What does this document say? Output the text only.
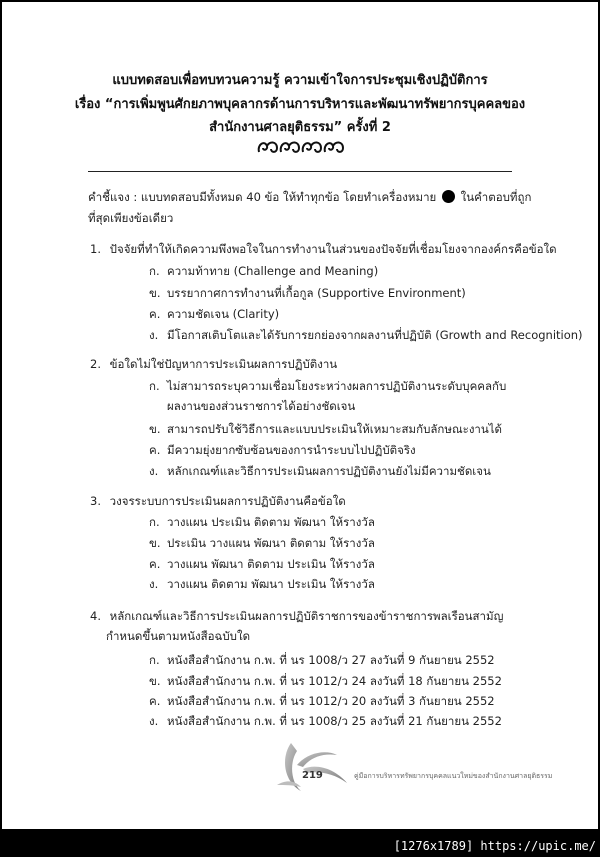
แบบทดสอบเพื่อทบทวนความรู้ ความเข้าใจการประชุมเชิงปฏิบัติการ
เรื่อง “การเพิ่มพูนศักยภาพบุคลากรด้านการบริหารและพัฒนาทรัพยากรบุคคลของ
สำนักงานศาลยุติธรรม” ครั้งที่ 2
คำชี้แจง : แบบทดสอบมีทั้งหมด 40 ข้อ ให้ทำทุกข้อ โดยทำเครื่องหมาย ในคำตอบที่ถูก
ที่สุดเพียงข้อเดียว
1. ปัจจัยที่ทำให้เกิดความพึงพอใจในการทำงานในส่วนของปัจจัยที่เชื่อมโยงจากองค์กรคือข้อใด
ก. ความท้าทาย (Challenge and Meaning)
ข. บรรยากาศการทำงานที่เกื้อกูล (Supportive Environment)
ค. ความชัดเจน (Clarity)
ง. มีโอกาสเติบโตและได้รับการยกย่องจากผลงานที่ปฏิบัติ (Growth and Recognition)
2. ข้อใดไม่ใช่ปัญหาการประเมินผลการปฏิบัติงาน
ก. ไม่สามารถระบุความเชื่อมโยงระหว่างผลการปฏิบัติงานระดับบุคคลกับ
ผลงานของส่วนราชการได้อย่างชัดเจน
ข. สามารถปรับใช้วิธีการและแบบประเมินให้เหมาะสมกับลักษณะงานได้
ค. มีความยุ่งยากซับซ้อนของการนำระบบไปปฏิบัติจริง
ง. หลักเกณฑ์และวิธีการประเมินผลการปฏิบัติงานยังไม่มีความชัดเจน
3. วงจรระบบการประเมินผลการปฏิบัติงานคือข้อใด
ก. วางแผน ประเมิน ติดตาม พัฒนา ให้รางวัล
ข. ประเมิน วางแผน พัฒนา ติดตาม ให้รางวัล
ค. วางแผน พัฒนา ติดตาม ประเมิน ให้รางวัล
ง. วางแผน ติดตาม พัฒนา ประเมิน ให้รางวัล
4. หลักเกณฑ์และวิธีการประเมินผลการปฏิบัติราชการของข้าราชการพลเรือนสามัญ
กำหนดขึ้นตามหนังสือฉบับใด
ก. หนังสือสำนักงาน ก.พ. ที่ นร 1008/ว 27 ลงวันที่ 9 กันยายน 2552
ข. หนังสือสำนักงาน ก.พ. ที่ นร 1012/ว 24 ลงวันที่ 18 กันยายน 2552
ค. หนังสือสำนักงาน ก.พ. ที่ นร 1012/ว 20 ลงวันที่ 3 กันยายน 2552
ง. หนังสือสำนักงาน ก.พ. ที่ นร 1008/ว 25 ลงวันที่ 21 กันยายน 2552
219	คู่มือการบริหารทรัพยากรบุคคลแนวใหม่ของสำนักงานศาลยุติธรรม
[1276x1789] https://upic.me/
